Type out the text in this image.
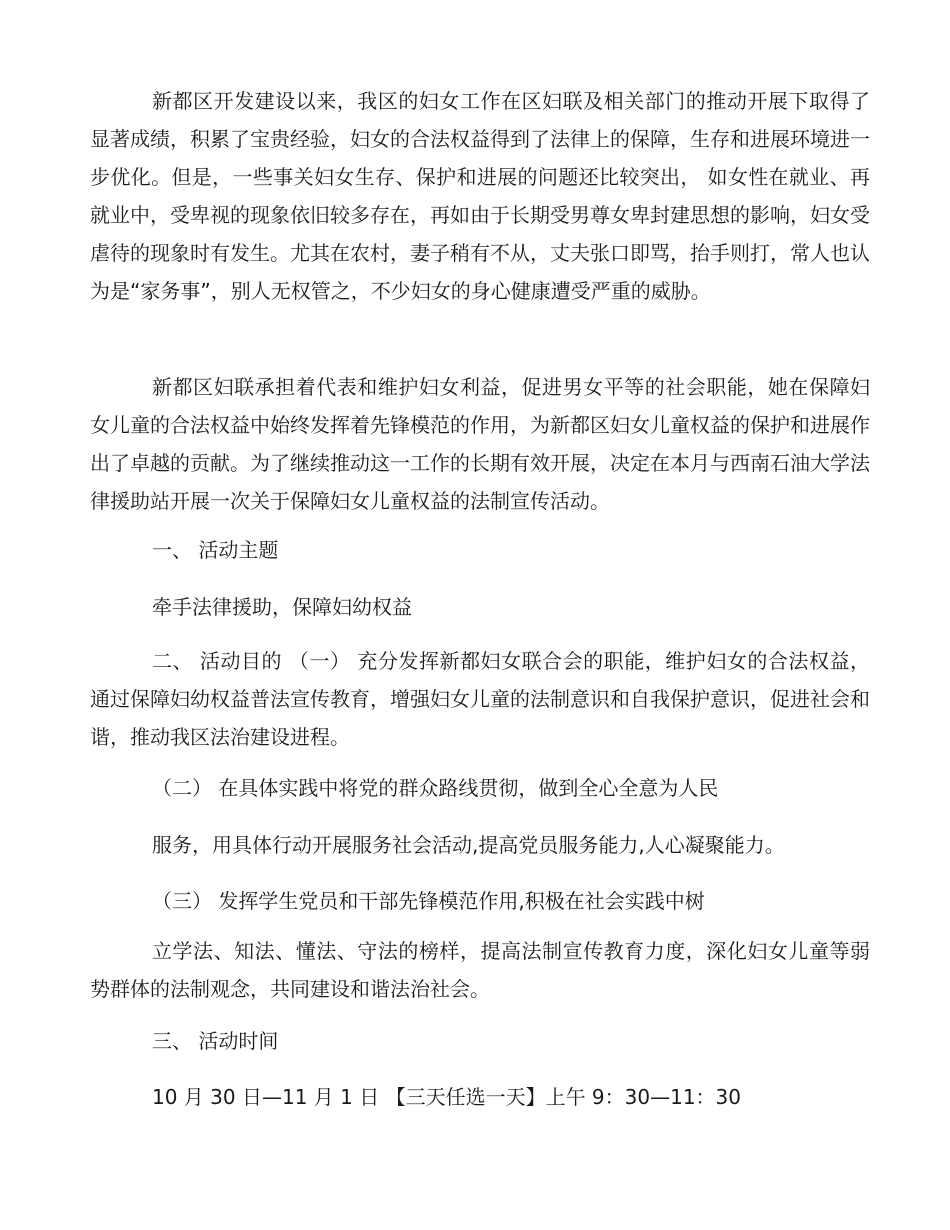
新都区开发建设以来，我区的妇女工作在区妇联及相关部门的推动开展下取得了显著成绩，积累了宝贵经验，妇女的合法权益得到了法律上的保障，生存和进展环境进一步优化。但是，一些事关妇女生存、保护和进展的问题还比较突出， 如女性在就业、再就业中，受卑视的现象依旧较多存在，再如由于长期受男尊女卑封建思想的影响，妇女受虐待的现象时有发生。尤其在农村，妻子稍有不从，丈夫张口即骂，抬手则打，常人也认为是“家务事”，别人无权管之，不少妇女的身心健康遭受严重的威胁。

新都区妇联承担着代表和维护妇女利益，促进男女平等的社会职能，她在保障妇女儿童的合法权益中始终发挥着先锋模范的作用，为新都区妇女儿童权益的保护和进展作出了卓越的贡献。为了继续推动这一工作的长期有效开展，决定在本月与西南石油大学法律援助站开展一次关于保障妇女儿童权益的法制宣传活动。

一、 活动主题

牵手法律援助，保障妇幼权益

二、 活动目的 （一） 充分发挥新都妇女联合会的职能，维护妇女的合法权益，通过保障妇幼权益普法宣传教育，增强妇女儿童的法制意识和自我保护意识，促进社会和谐，推动我区法治建设进程。

（二） 在具体实践中将党的群众路线贯彻，做到全心全意为人民

服务，用具体行动开展服务社会活动,提高党员服务能力,人心凝聚能力。

（三） 发挥学生党员和干部先锋模范作用,积极在社会实践中树

立学法、知法、懂法、守法的榜样，提高法制宣传教育力度，深化妇女儿童等弱势群体的法制观念，共同建设和谐法治社会。

三、 活动时间

10 月 30 日—11 月 1 日 【三天任选一天】上午 9：30—11：30
